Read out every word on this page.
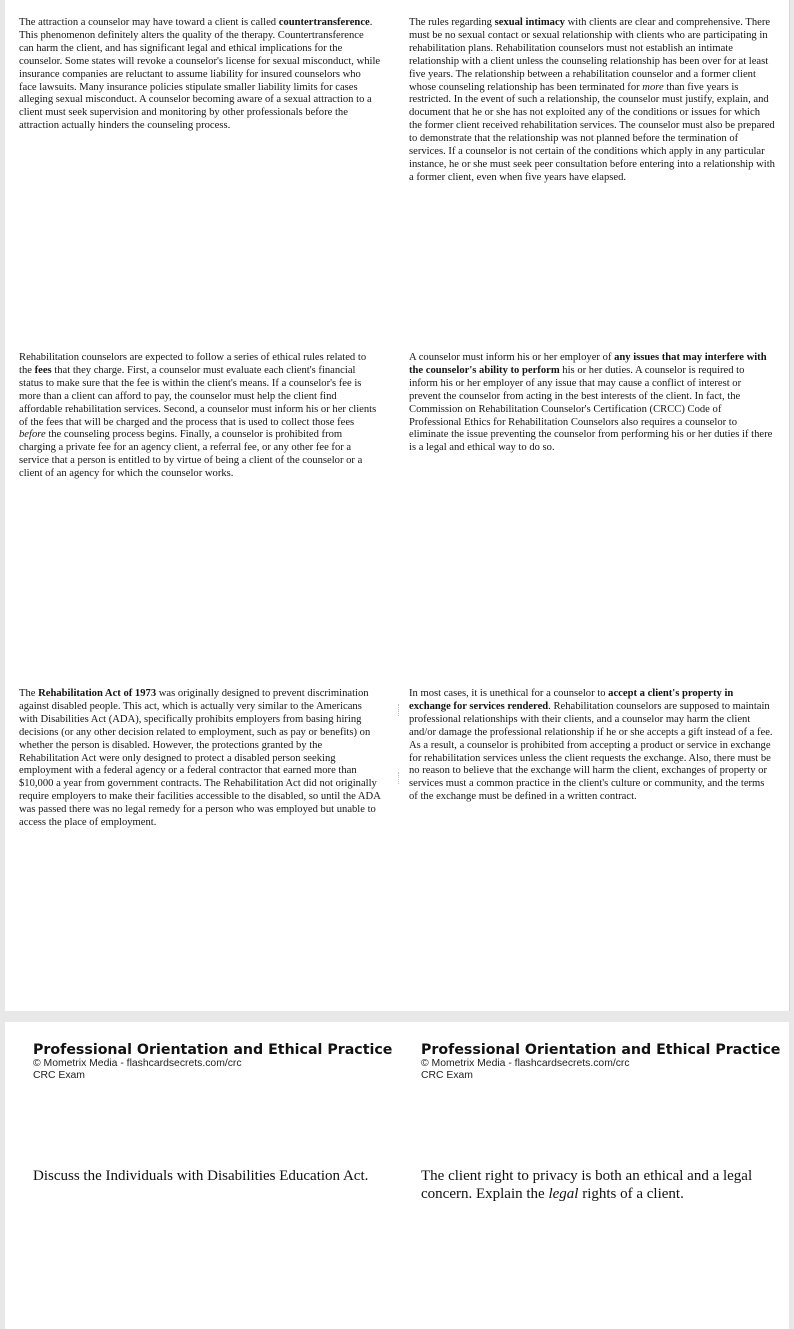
The attraction a counselor may have toward a client is called countertransference. This phenomenon definitely alters the quality of the therapy. Countertransference can harm the client, and has significant legal and ethical implications for the counselor. Some states will revoke a counselor's license for sexual misconduct, while insurance companies are reluctant to assume liability for insured counselors who face lawsuits. Many insurance policies stipulate smaller liability limits for cases alleging sexual misconduct. A counselor becoming aware of a sexual attraction to a client must seek supervision and monitoring by other professionals before the attraction actually hinders the counseling process.

The rules regarding sexual intimacy with clients are clear and comprehensive. There must be no sexual contact or sexual relationship with clients who are participating in rehabilitation plans. Rehabilitation counselors must not establish an intimate relationship with a client unless the counseling relationship has been over for at least five years. The relationship between a rehabilitation counselor and a former client whose counseling relationship has been terminated for more than five years is restricted. In the event of such a relationship, the counselor must justify, explain, and document that he or she has not exploited any of the conditions or issues for which the former client received rehabilitation services. The counselor must also be prepared to demonstrate that the relationship was not planned before the termination of services. If a counselor is not certain of the conditions which apply in any particular instance, he or she must seek peer consultation before entering into a relationship with a former client, even when five years have elapsed.

Rehabilitation counselors are expected to follow a series of ethical rules related to the fees that they charge. First, a counselor must evaluate each client's financial status to make sure that the fee is within the client's means. If a counselor's fee is more than a client can afford to pay, the counselor must help the client find affordable rehabilitation services. Second, a counselor must inform his or her clients of the fees that will be charged and the process that is used to collect those fees before the counseling process begins. Finally, a counselor is prohibited from charging a private fee for an agency client, a referral fee, or any other fee for a service that a person is entitled to by virtue of being a client of the counselor or a client of an agency for which the counselor works.

A counselor must inform his or her employer of any issues that may interfere with the counselor's ability to perform his or her duties. A counselor is required to inform his or her employer of any issue that may cause a conflict of interest or prevent the counselor from acting in the best interests of the client. In fact, the Commission on Rehabilitation Counselor's Certification (CRCC) Code of Professional Ethics for Rehabilitation Counselors also requires a counselor to eliminate the issue preventing the counselor from performing his or her duties if there is a legal and ethical way to do so.

The Rehabilitation Act of 1973 was originally designed to prevent discrimination against disabled people. This act, which is actually very similar to the Americans with Disabilities Act (ADA), specifically prohibits employers from basing hiring decisions (or any other decision related to employment, such as pay or benefits) on whether the person is disabled. However, the protections granted by the Rehabilitation Act were only designed to protect a disabled person seeking employment with a federal agency or a federal contractor that earned more than $10,000 a year from government contracts. The Rehabilitation Act did not originally require employers to make their facilities accessible to the disabled, so until the ADA was passed there was no legal remedy for a person who was employed but unable to access the place of employment.

In most cases, it is unethical for a counselor to accept a client's property in exchange for services rendered. Rehabilitation counselors are supposed to maintain professional relationships with their clients, and a counselor may harm the client and/or damage the professional relationship if he or she accepts a gift instead of a fee. As a result, a counselor is prohibited from accepting a product or service in exchange for rehabilitation services unless the client requests the exchange. Also, there must be no reason to believe that the exchange will harm the client, exchanges of property or services must a common practice in the client's culture or community, and the terms of the exchange must be defined in a written contract.

Professional Orientation and Ethical Practice
© Mometrix Media - flashcardsecrets.com/crc
CRC Exam
Professional Orientation and Ethical Practice
© Mometrix Media - flashcardsecrets.com/crc
CRC Exam
Discuss the Individuals with Disabilities Education Act.	The client right to privacy is both an ethical and a legal concern. Explain the legal rights of a client.
